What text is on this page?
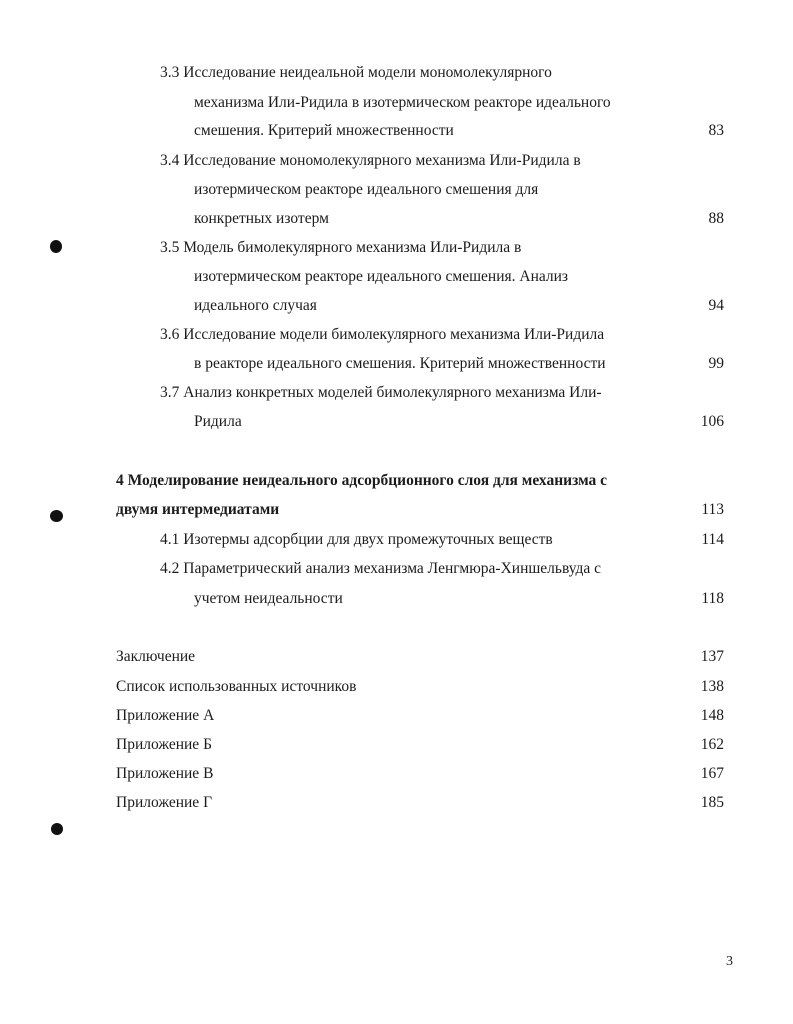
3.3 Исследование неидеальной модели мономолекулярного
механизма Или-Ридила в изотермическом реакторе идеального
смешения. Критерий множественности	83
3.4 Исследование мономолекулярного механизма Или-Ридила в
изотермическом реакторе идеального смешения для
конкретных изотерм	88
3.5 Модель бимолекулярного механизма Или-Ридила в
изотермическом реакторе идеального смешения. Анализ
идеального случая	94
3.6 Исследование модели бимолекулярного механизма Или-Ридила
в реакторе идеального смешения. Критерий множественности	99
3.7 Анализ конкретных моделей бимолекулярного механизма Или-
Ридила	106
4 Моделирование неидеального адсорбционного слоя для механизма с
двумя интермедиатами	113
4.1 Изотермы адсорбции для двух промежуточных веществ	114
4.2 Параметрический анализ механизма Ленгмюра-Хиншельвуда с
учетом неидеальности	118
Заключение	137
Список использованных источников	138
Приложение А	148
Приложение Б	162
Приложение В	167
Приложение Г	185
3
